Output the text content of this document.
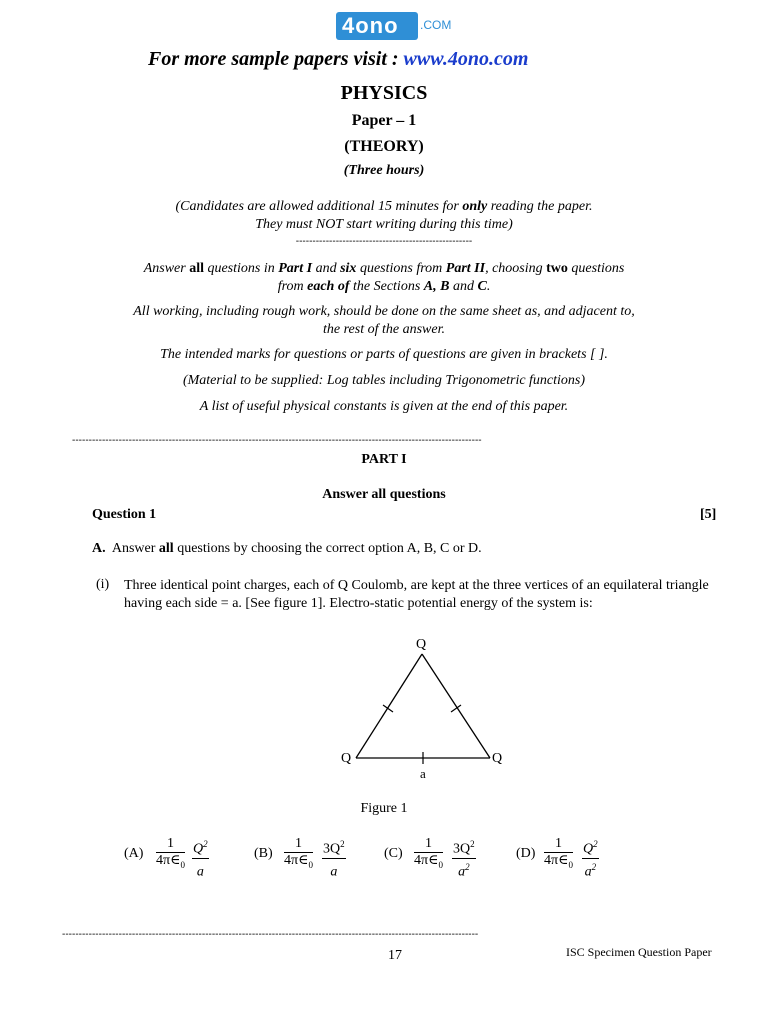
4ono .COM
For more sample papers visit : www.4ono.com
PHYSICS
Paper – 1
(THEORY)
(Three hours)
(Candidates are allowed additional 15 minutes for only reading the paper.
They must NOT start writing during this time)
-----------------------------------------------------
Answer all questions in Part I and six questions from Part II, choosing two questions
from each of the Sections A, B and C.
All working, including rough work, should be done on the same sheet as, and adjacent to,
the rest of the answer.
The intended marks for questions or parts of questions are given in brackets [ ].
(Material to be supplied: Log tables including Trigonometric functions)
A list of useful physical constants is given at the end of this paper.
---------------------------------------------------------------------------------------------------------------------------
PART I
Answer all questions
Question 1	[5]
A. Answer all questions by choosing the correct option A, B, C or D.
(i) Three identical point charges, each of Q Coulomb, are kept at the three vertices of an equilateral triangle having each side = a. [See figure 1]. Electro-static potential energy of the system is:
Q
Q	Q
a
Figure 1
$(A) \frac{1}{4\pi\in_0} \frac{Q^2}{a}$	$(B) \frac{1}{4\pi\in_0} \frac{3Q^2}{a}$	$(C) \frac{1}{4\pi\in_0} \frac{3Q^2}{a^2}$	$(D) \frac{1}{4\pi\in_0} \frac{Q^2}{a^2}$
-----------------------------------------------------------------------------------------------------------------------------
17	ISC Specimen Question Paper
